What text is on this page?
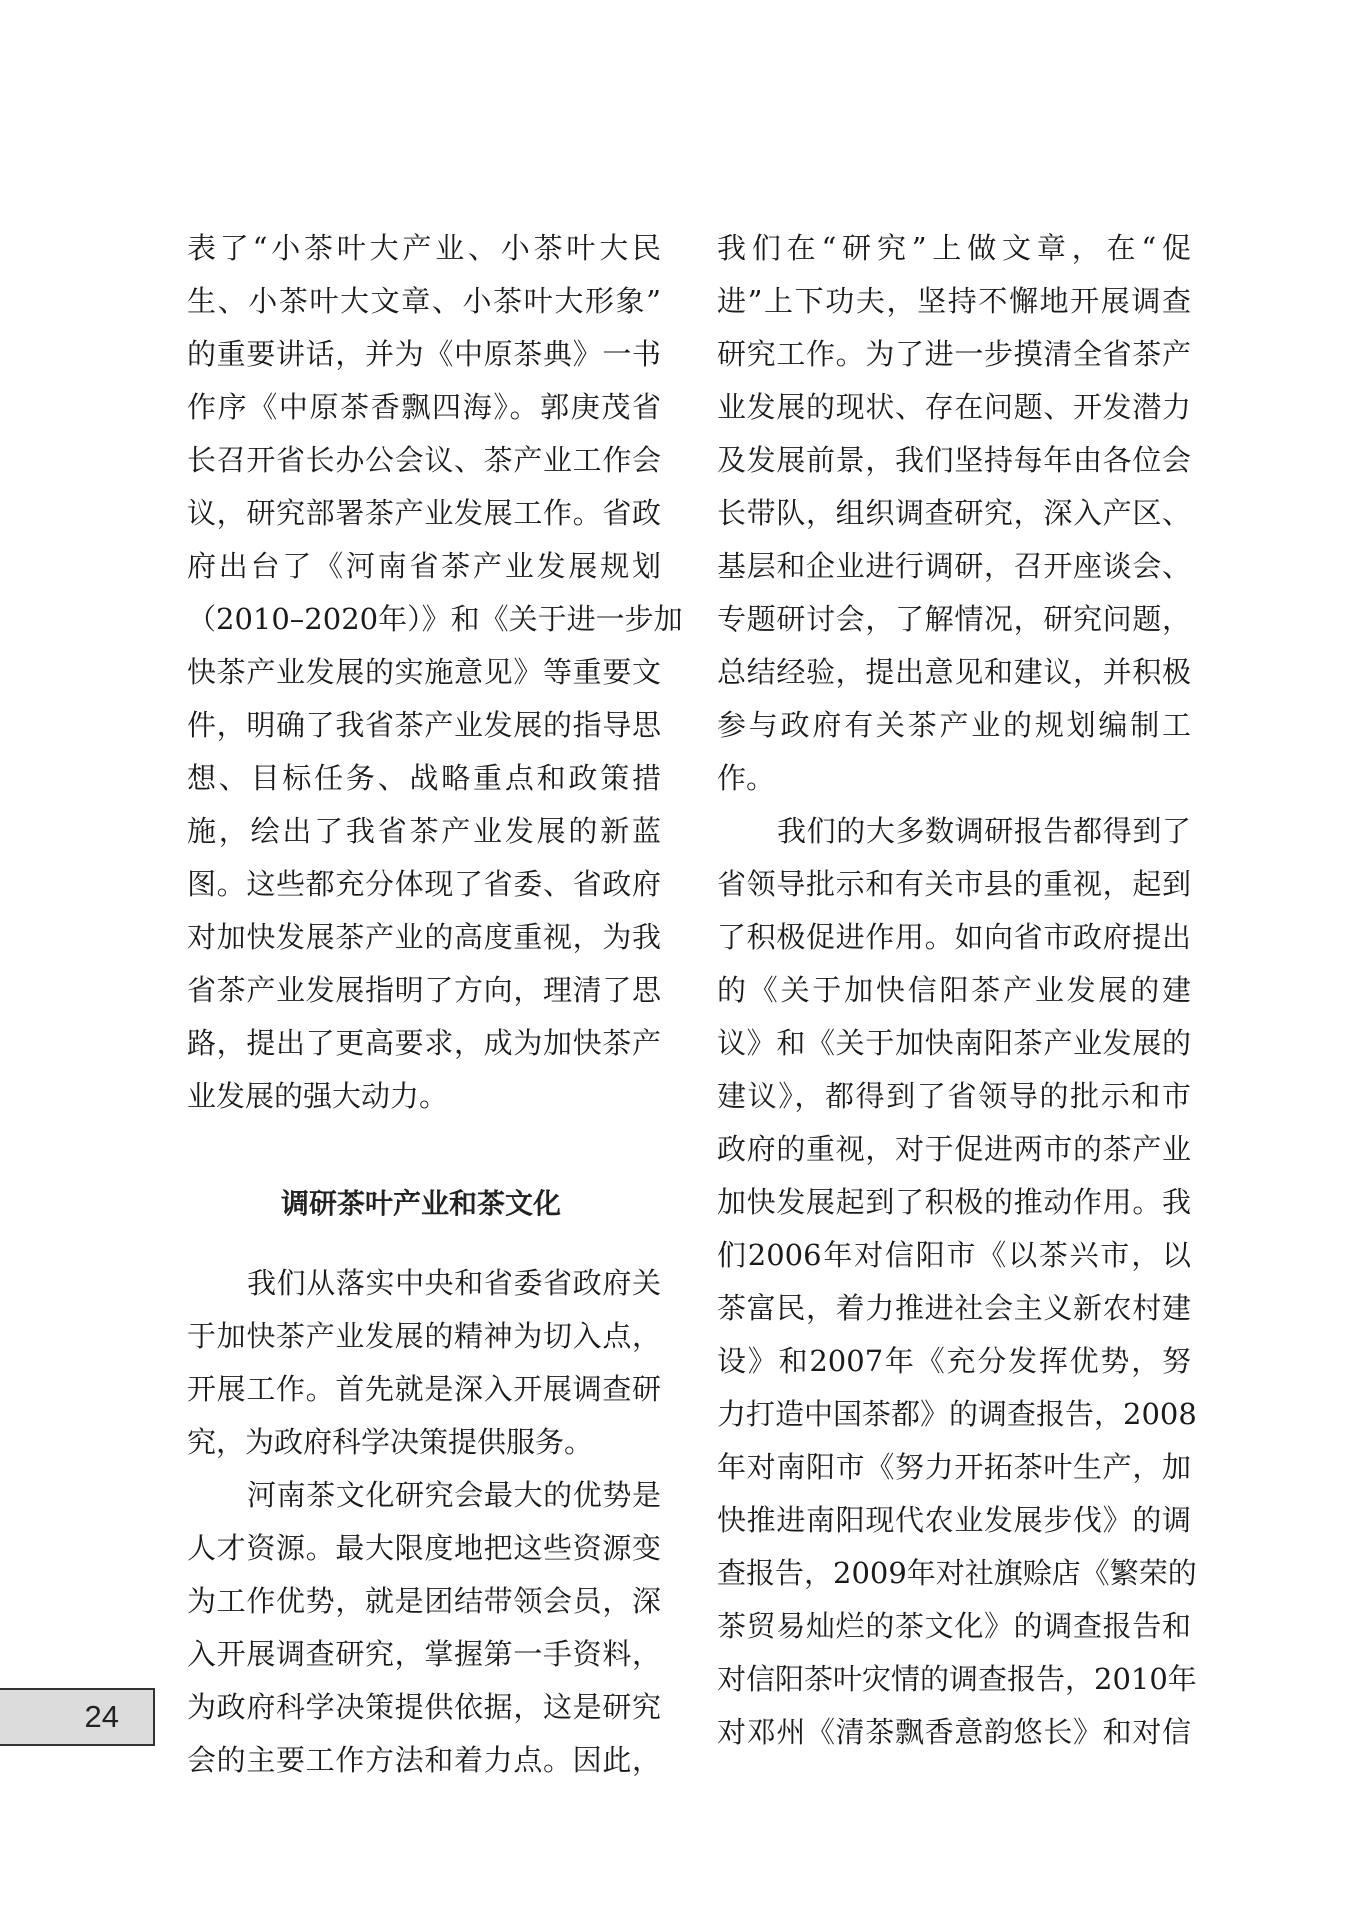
表了“小茶叶大产业、小茶叶大民
生、小茶叶大文章、小茶叶大形象”
的重要讲话，并为《中原茶典》一书
作序《中原茶香飘四海》。郭庚茂省
长召开省长办公会议、茶产业工作会
议，研究部署茶产业发展工作。省政
府出台了《河南省茶产业发展规划
（2010–2020年）》和《关于进一步加
快茶产业发展的实施意见》等重要文
件，明确了我省茶产业发展的指导思
想、目标任务、战略重点和政策措
施，绘出了我省茶产业发展的新蓝
图。这些都充分体现了省委、省政府
对加快发展茶产业的高度重视，为我
省茶产业发展指明了方向，理清了思
路，提出了更高要求，成为加快茶产
业发展的强大动力。
调研茶叶产业和茶文化
我们从落实中央和省委省政府关
于加快茶产业发展的精神为切入点，
开展工作。首先就是深入开展调查研
究，为政府科学决策提供服务。
河南茶文化研究会最大的优势是
人才资源。最大限度地把这些资源变
为工作优势，就是团结带领会员，深
入开展调查研究，掌握第一手资料，
为政府科学决策提供依据，这是研究
会的主要工作方法和着力点。因此，
我们在“研究”上做文章，在“促
进”上下功夫，坚持不懈地开展调查
研究工作。为了进一步摸清全省茶产
业发展的现状、存在问题、开发潜力
及发展前景，我们坚持每年由各位会
长带队，组织调查研究，深入产区、
基层和企业进行调研，召开座谈会、
专题研讨会，了解情况，研究问题，
总结经验，提出意见和建议，并积极
参与政府有关茶产业的规划编制工
作。
我们的大多数调研报告都得到了
省领导批示和有关市县的重视，起到
了积极促进作用。如向省市政府提出
的《关于加快信阳茶产业发展的建
议》和《关于加快南阳茶产业发展的
建议》，都得到了省领导的批示和市
政府的重视，对于促进两市的茶产业
加快发展起到了积极的推动作用。我
们2006年对信阳市《以茶兴市，以
茶富民，着力推进社会主义新农村建
设》和2007年《充分发挥优势，努
力打造中国茶都》的调查报告，2008
年对南阳市《努力开拓茶叶生产，加
快推进南阳现代农业发展步伐》的调
查报告，2009年对社旗赊店《繁荣的
茶贸易灿烂的茶文化》的调查报告和
对信阳茶叶灾情的调查报告，2010年
对邓州《清茶飘香意韵悠长》和对信
24
